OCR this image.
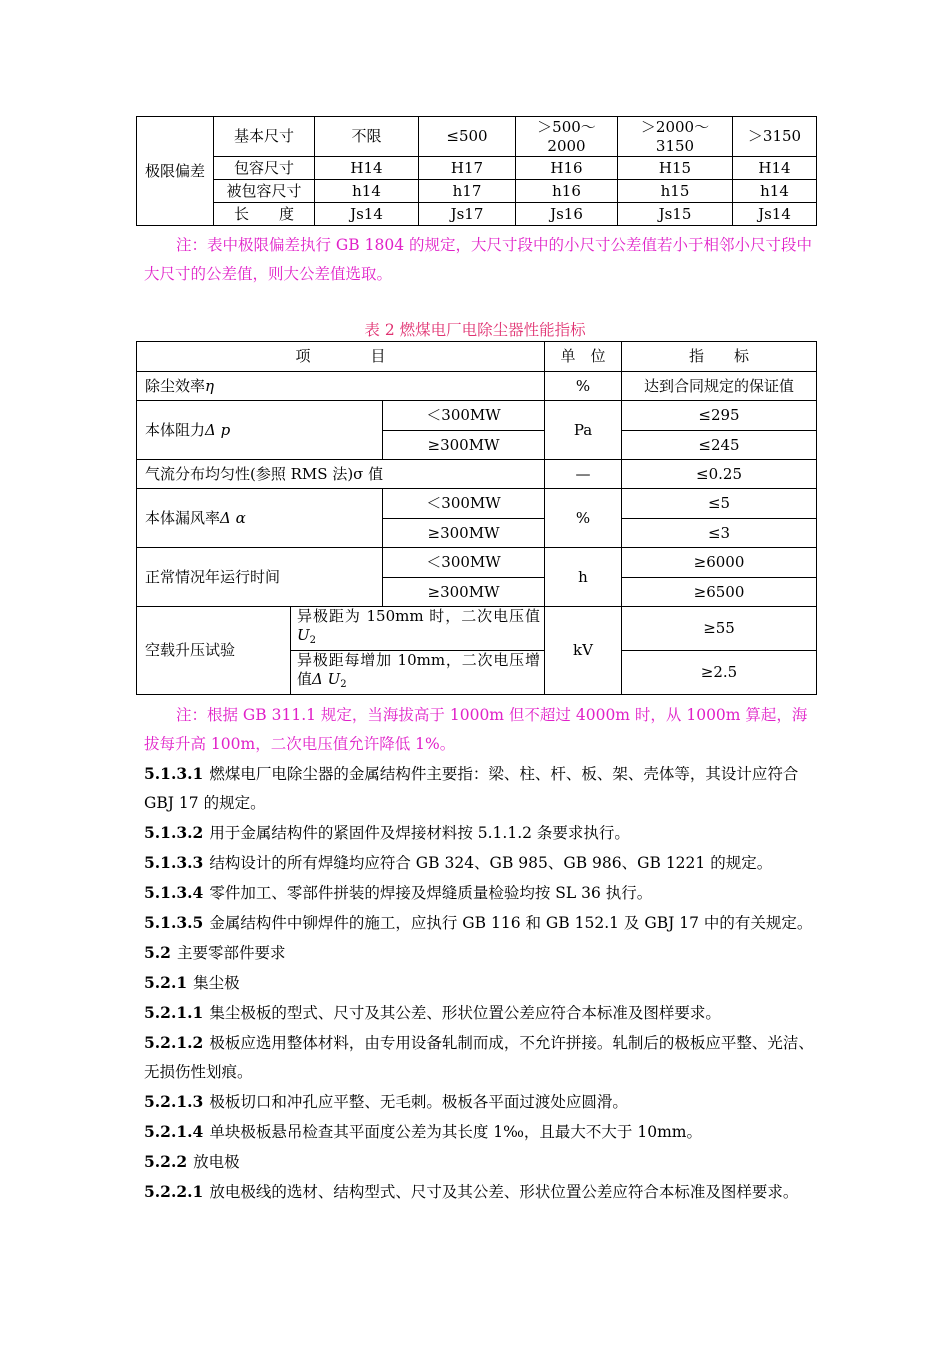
极限偏差	基本尺寸	不限	≤500	＞500～2000	＞2000～3150	＞3150
	包容尺寸	H14	H17	H16	H15	H14
	被包容尺寸	h14	h17	h16	h15	h14
	长　　度	Js14	Js17	Js16	Js15	Js14
注：表中极限偏差执行 GB 1804 的规定，大尺寸段中的小尺寸公差值若小于相邻小尺寸段中大尺寸的公差值，则大公差值选取。
表 2 燃煤电厂电除尘器性能指标
项　　　　目			单　位	指　　标
除尘效率η			%	达到合同规定的保证值
本体阻力Δ p		＜300MW	Pa	≤295
		≥300MW		≤245
气流分布均匀性(参照 RMS 法)σ 值			—	≤0.25
本体漏风率Δ α		＜300MW	%	≤5
		≥300MW		≤3
正常情况年运行时间		＜300MW	h	≥6000
		≥300MW		≥6500
空载升压试验	异极距为 150mm 时，二次电压值$U_2$		kV	≥55
	异极距每增加 10mm，二次电压增值Δ $U_2$			≥2.5
注：根据 GB 311.1 规定，当海拔高于 1000m 但不超过 4000m 时，从 1000m 算起，海拔每升高 100m，二次电压值允许降低 1%。
5.1.3.1 燃煤电厂电除尘器的金属结构件主要指：梁、柱、杆、板、架、壳体等，其设计应符合 GBJ 17 的规定。
5.1.3.2 用于金属结构件的紧固件及焊接材料按 5.1.1.2 条要求执行。
5.1.3.3 结构设计的所有焊缝均应符合 GB 324、GB 985、GB 986、GB 1221 的规定。
5.1.3.4 零件加工、零部件拼装的焊接及焊缝质量检验均按 SL 36 执行。
5.1.3.5 金属结构件中铆焊件的施工，应执行 GB 116 和 GB 152.1 及 GBJ 17 中的有关规定。
5.2 主要零部件要求
5.2.1 集尘极
5.2.1.1 集尘极板的型式、尺寸及其公差、形状位置公差应符合本标准及图样要求。
5.2.1.2 极板应选用整体材料，由专用设备轧制而成，不允许拼接。轧制后的极板应平整、光洁、无损伤性划痕。
5.2.1.3 极板切口和冲孔应平整、无毛刺。极板各平面过渡处应圆滑。
5.2.1.4 单块极板悬吊检查其平面度公差为其长度 1‰，且最大不大于 10mm。
5.2.2 放电极
5.2.2.1 放电极线的选材、结构型式、尺寸及其公差、形状位置公差应符合本标准及图样要求。
